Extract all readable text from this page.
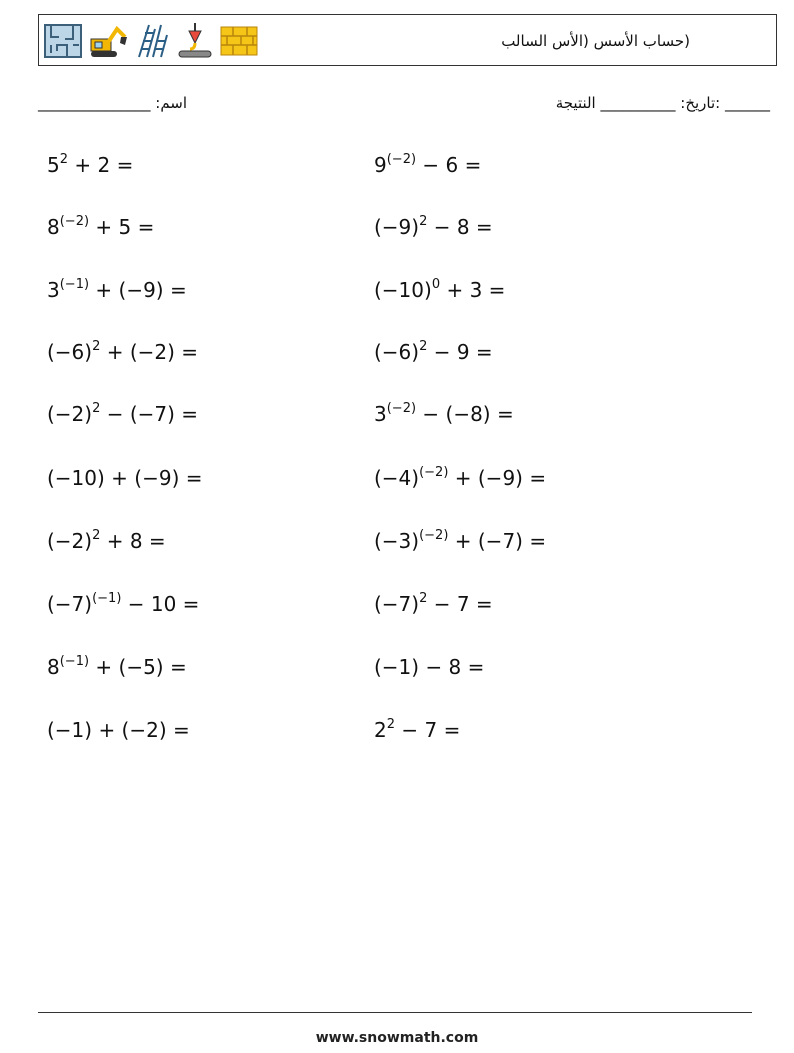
(حساب الأسس (الأس السالب
اسم: _______________	______ :تاريخ: __________ النتيجة
$5^2 + 2$ =
$8^{(-2)} + 5$ =
$3^{(-1)} + (-9)$ =
$(-6)^2 + (-2)$ =
$(-2)^2 - (-7)$ =
(−10) + (−9) =
$(-2)^2 + 8$ =
$(-7)^{(-1)} - 10$ =
$8^{(-1)} + (-5)$ =
(−1) + (−2) =
$9^{(-2)} - 6$ =
$(-9)^2 - 8$ =
$(-10)^0 + 3$ =
$(-6)^2 - 9$ =
$3^{(-2)} - (-8)$ =
$(-4)^{(-2)} + (-9)$ =
$(-3)^{(-2)} + (-7)$ =
$(-7)^2 - 7$ =
(−1) − 8 =
$2^2 - 7$ =
www.snowmath.com
